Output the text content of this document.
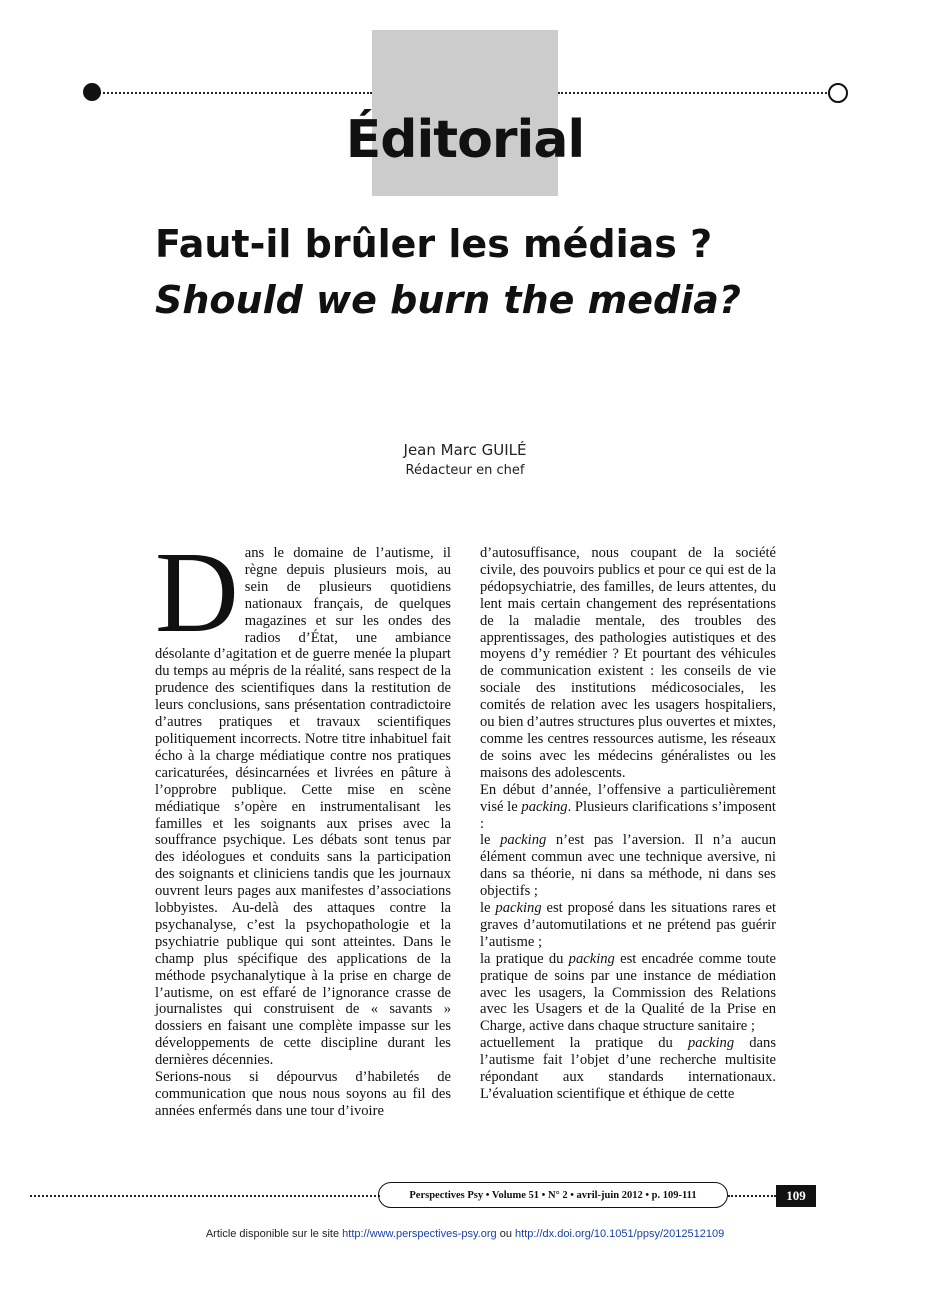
Éditorial
Faut-il brûler les médias ?
Should we burn the media?
Jean Marc GUILÉ
Rédacteur en chef

Dans le domaine de l’autisme, il règne depuis plusieurs mois, au sein de plusieurs quotidiens nationaux français, de quelques magazines et sur les ondes des radios d’État, une ambiance désolante d’agitation et de guerre menée la plupart du temps au mépris de la réalité, sans respect de la prudence des scientifiques dans la restitution de leurs conclusions, sans présentation contradictoire d’autres pratiques et travaux scientifiques politiquement incorrects. Notre titre inhabituel fait écho à la charge médiatique contre nos pratiques caricaturées, désincarnées et livrées en pâture à l’opprobre publique. Cette mise en scène médiatique s’opère en instrumentalisant les familles et les soignants aux prises avec la souffrance psychique. Les débats sont tenus par des idéologues et conduits sans la participation des soignants et cliniciens tandis que les journaux ouvrent leurs pages aux manifestes d’associations lobbyistes. Au-delà des attaques contre la psychanalyse, c’est la psychopathologie et la psychiatrie publique qui sont atteintes. Dans le champ plus spécifique des applications de la méthode psychanalytique à la prise en charge de l’autisme, on est effaré de l’ignorance crasse de journalistes qui construisent de « savants » dossiers en faisant une complète impasse sur les développements de cette discipline durant les dernières décennies.

Serions-nous si dépourvus d’habiletés de communication que nous nous soyons au fil des années enfermés dans une tour d’ivoire

d’autosuffisance, nous coupant de la société civile, des pouvoirs publics et pour ce qui est de la pédopsychiatrie, des familles, de leurs attentes, du lent mais certain changement des représentations de la maladie mentale, des troubles des apprentissages, des pathologies autistiques et des moyens d’y remédier ? Et pourtant des véhicules de communication existent : les conseils de vie sociale des institutions médicosociales, les comités de relation avec les usagers hospitaliers, ou bien d’autres structures plus ouvertes et mixtes, comme les centres ressources autisme, les réseaux de soins avec les médecins généralistes ou les maisons des adolescents.

En début d’année, l’offensive a particulièrement visé le packing. Plusieurs clarifications s’imposent :

le packing n’est pas l’aversion. Il n’a aucun élément commun avec une technique aversive, ni dans sa théorie, ni dans sa méthode, ni dans ses objectifs ;

le packing est proposé dans les situations rares et graves d’automutilations et ne prétend pas guérir l’autisme ;

la pratique du packing est encadrée comme toute pratique de soins par une instance de médiation avec les usagers, la Commission des Relations avec les Usagers et de la Qualité de la Prise en Charge, active dans chaque structure sanitaire ;

actuellement la pratique du packing dans l’autisme fait l’objet d’une recherche multisite répondant aux standards internationaux. L’évaluation scientifique et éthique de cette

Perspectives Psy • Volume 51 • N° 2 • avril-juin 2012 • p. 109-111	109
Article disponible sur le site http://www.perspectives-psy.org ou http://dx.doi.org/10.1051/ppsy/2012512109
